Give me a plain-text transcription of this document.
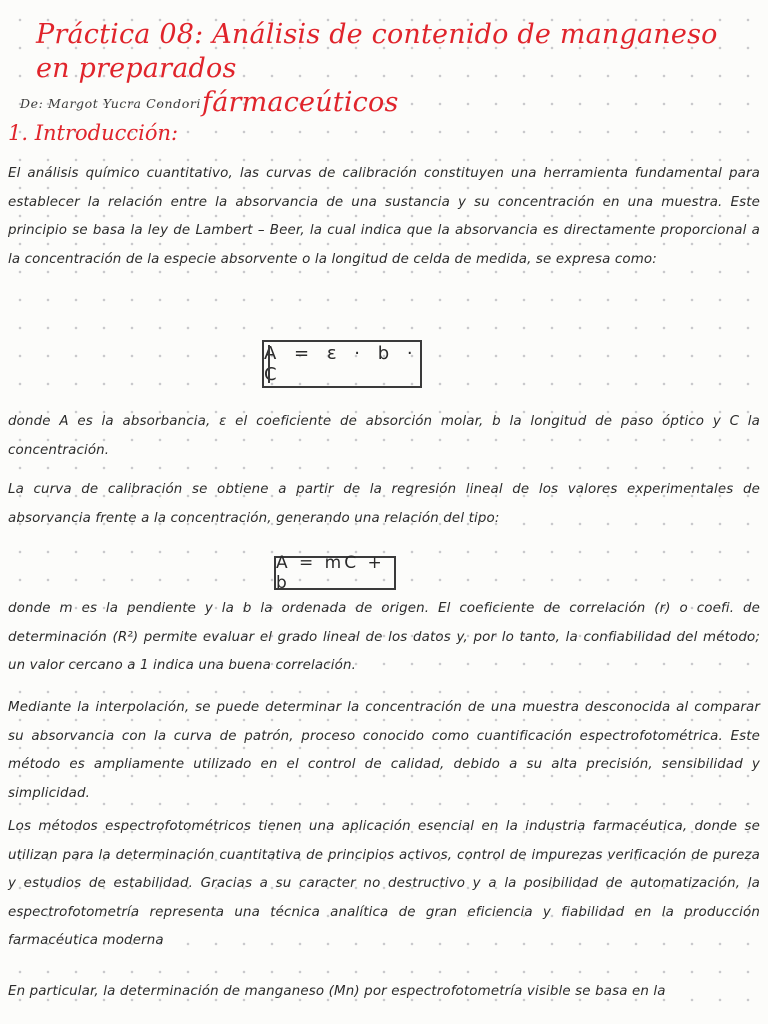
Práctica 08: Análisis de contenido de manganeso en preparados
fármaceúticos
De: Margot Yucra Condori
1. Introducción:

El análisis químico cuantitativo, las curvas de calibración constituyen una herramienta fundamental para establecer la relación entre la absorvancia de una sustancia y su concentración en una muestra. Este principio se basa la ley de Lambert – Beer, la cual indica que la absorvancia es directamente proporcional a la concentración de la especie absorvente o la longitud de celda de medida, se expresa como:

A = ε · b · C

donde A es la absorbancia, ε el coeficiente de absorción molar, b la longitud de paso óptico y C la concentración.

La curva de calibración se obtiene a partir de la regresión lineal de los valores experimentales de absorvancia frente a la concentración, generando una relación del tipo:

A = mC + b

donde m es la pendiente y la b la ordenada de origen. El coeficiente de correlación (r) o coefi. de determinación (R²) permite evaluar el grado lineal de los datos y, por lo tanto, la confiabilidad del método; un valor cercano a 1 indica una buena correlación.

Mediante la interpolación, se puede determinar la concentración de una muestra desconocida al comparar su absorvancia con la curva de patrón, proceso conocido como cuantificación espectrofotométrica. Este método es ampliamente utilizado en el control de calidad, debido a su alta precisión, sensibilidad y simplicidad.

Los métodos espectrofotométricos tienen una aplicación esencial en la industria farmacéutica, donde se utilizan para la determinación cuantitativa de principios activos, control de impurezas verificación de pureza y estudios de estabilidad. Gracias a su caracter no destructivo y a la posibilidad de automatización, la espectrofotometría representa una técnica analítica de gran eficiencia y fiabilidad en la producción farmacéutica moderna

En particular, la determinación de manganeso (Mn) por espectrofotometría visible se basa en la
